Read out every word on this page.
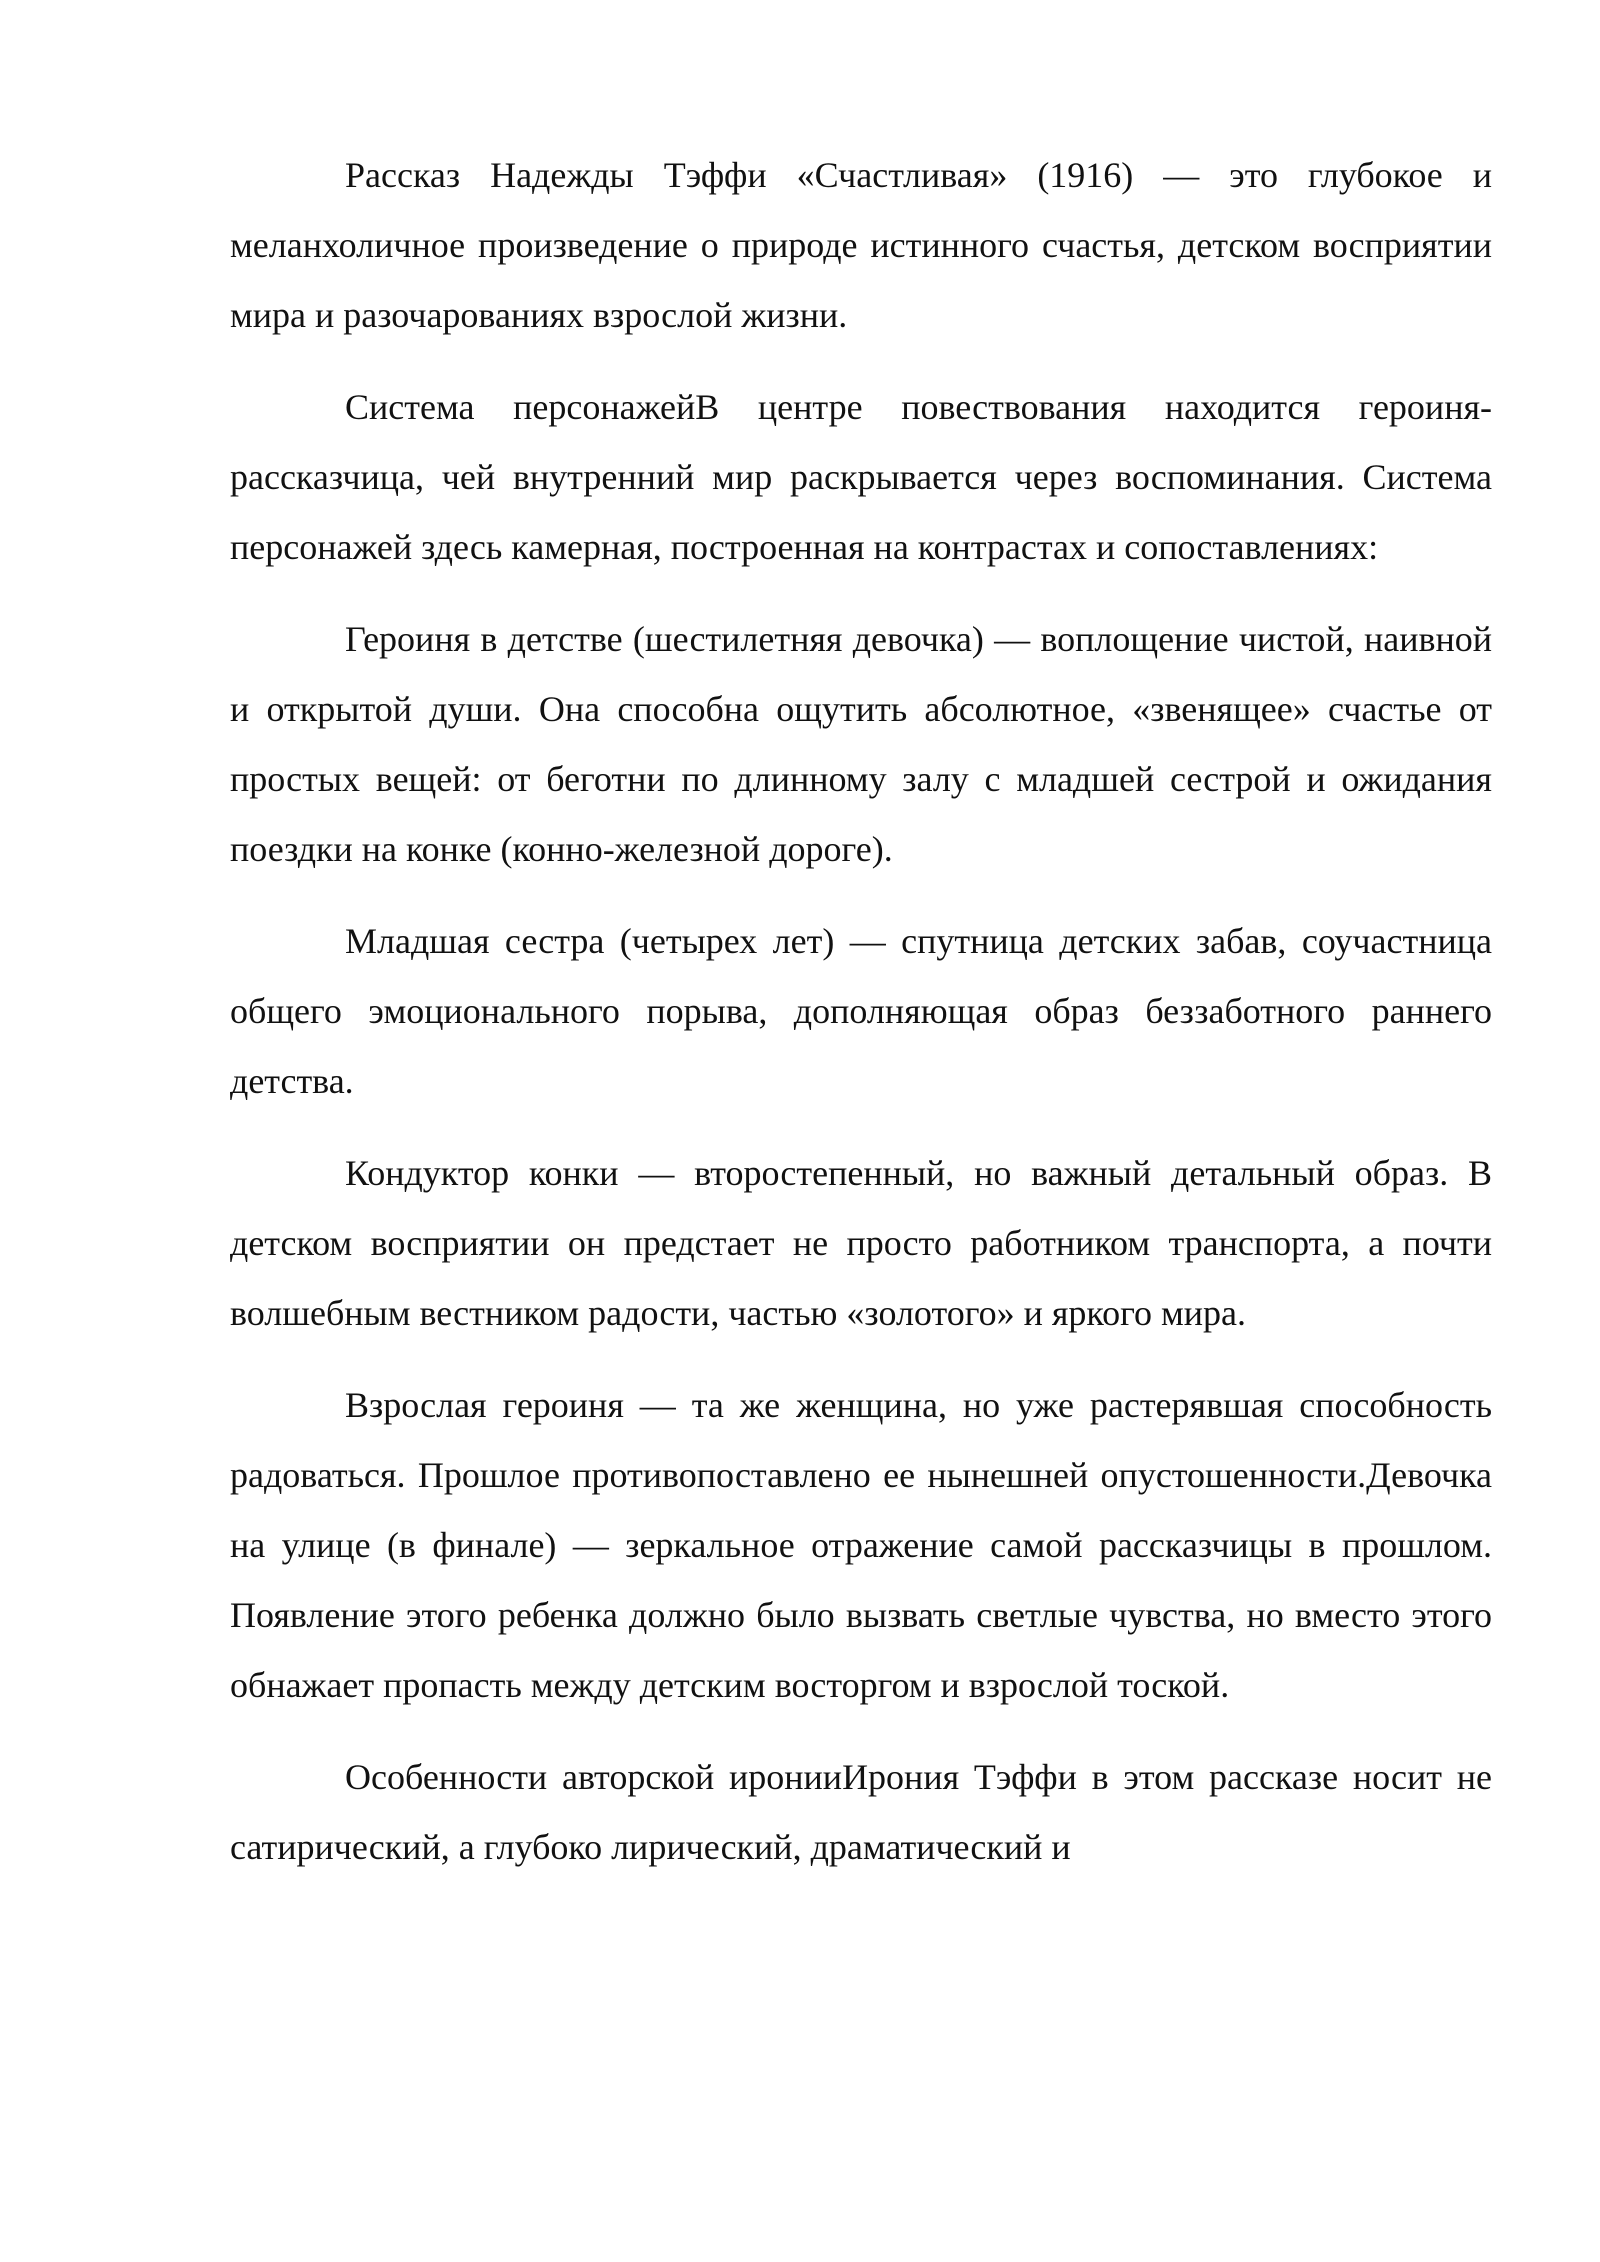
Рассказ Надежды Тэффи «Счастливая» (1916) — это глубокое и меланхоличное произведение о природе истинного счастья, детском восприятии мира и разочарованиях взрослой жизни.

Система персонажейВ центре повествования находится героиня-рассказчица, чей внутренний мир раскрывается через воспоминания. Система персонажей здесь камерная, построенная на контрастах и сопоставлениях:

Героиня в детстве (шестилетняя девочка) — воплощение чистой, наивной и открытой души. Она способна ощутить абсолютное, «звенящее» счастье от простых вещей: от беготни по длинному залу с младшей сестрой и ожидания поездки на конке (конно-железной дороге).

Младшая сестра (четырех лет) — спутница детских забав, соучастница общего эмоционального порыва, дополняющая образ беззаботного раннего детства.

Кондуктор конки — второстепенный, но важный детальный образ. В детском восприятии он предстает не просто работником транспорта, а почти волшебным вестником радости, частью «золотого» и яркого мира.

Взрослая героиня — та же женщина, но уже растерявшая способность радоваться. Прошлое противопоставлено ее нынешней опустошенности.Девочка на улице (в финале) — зеркальное отражение самой рассказчицы в прошлом. Появление этого ребенка должно было вызвать светлые чувства, но вместо этого обнажает пропасть между детским восторгом и взрослой тоской.

Особенности авторской иронииИрония Тэффи в этом рассказе носит не сатирический, а глубоко лирический, драматический и
